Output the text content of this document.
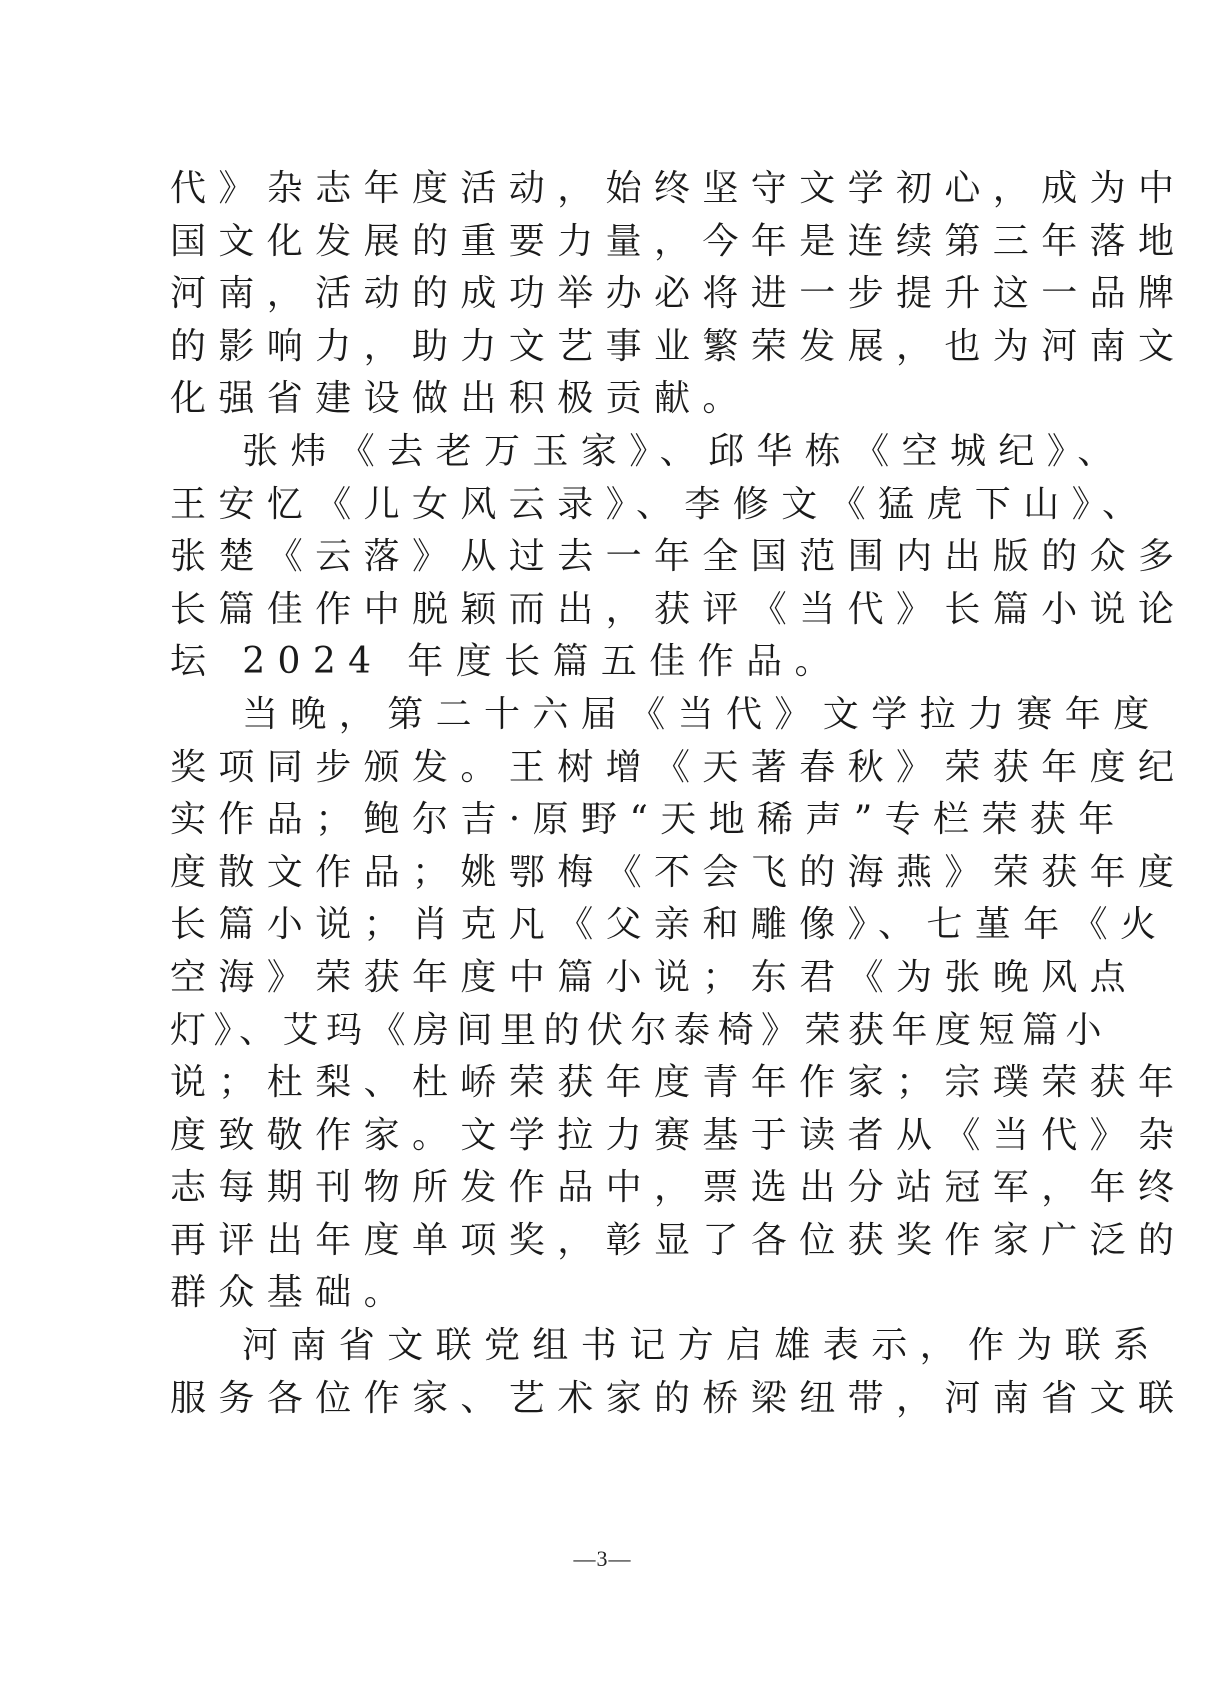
代》杂志年度活动，始终坚守文学初心，成为中
国文化发展的重要力量，今年是连续第三年落地
河南，活动的成功举办必将进一步提升这一品牌
的影响力，助力文艺事业繁荣发展，也为河南文
化强省建设做出积极贡献。
张炜《去老万玉家》、邱华栋《空城纪》、
王安忆《儿女风云录》、李修文《猛虎下山》、
张楚《云落》从过去一年全国范围内出版的众多
长篇佳作中脱颖而出，获评《当代》长篇小说论
坛 2024 年度长篇五佳作品。
当晚，第二十六届《当代》文学拉力赛年度
奖项同步颁发。王树增《天著春秋》荣获年度纪
实作品；鲍尔吉·原野“天地稀声”专栏荣获年
度散文作品；姚鄂梅《不会飞的海燕》荣获年度
长篇小说；肖克凡《父亲和雕像》、七堇年《火
空海》荣获年度中篇小说；东君《为张晚风点
灯》、艾玛《房间里的伏尔泰椅》荣获年度短篇小
说；杜梨、杜峤荣获年度青年作家；宗璞荣获年
度致敬作家。文学拉力赛基于读者从《当代》杂
志每期刊物所发作品中，票选出分站冠军，年终
再评出年度单项奖，彰显了各位获奖作家广泛的
群众基础。
河南省文联党组书记方启雄表示，作为联系
服务各位作家、艺术家的桥梁纽带，河南省文联
—3—
